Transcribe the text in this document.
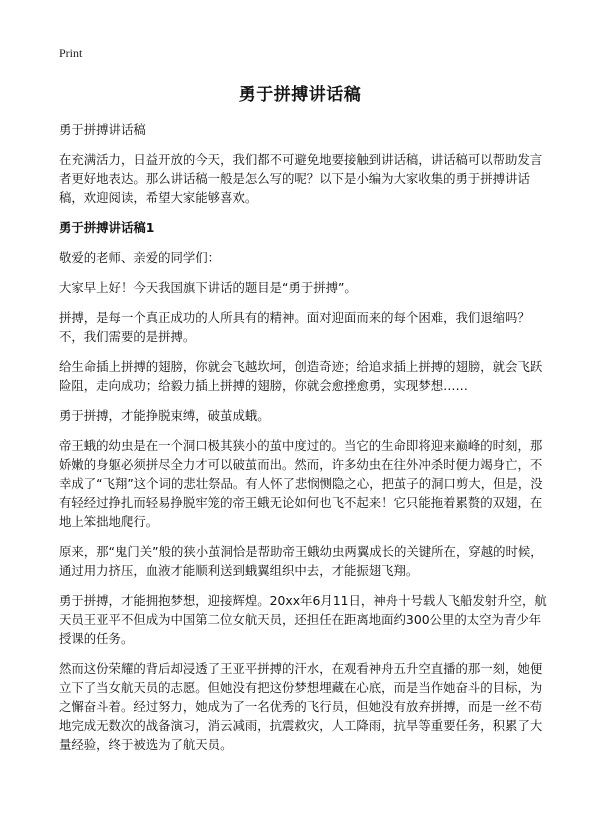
Print
勇于拼搏讲话稿

勇于拼搏讲话稿

在充满活力，日益开放的今天，我们都不可避免地要接触到讲话稿，讲话稿可以帮助发言者更好地表达。那么讲话稿一般是怎么写的呢？以下是小编为大家收集的勇于拼搏讲话稿，欢迎阅读，希望大家能够喜欢。

勇于拼搏讲话稿1

敬爱的老师、亲爱的同学们：

大家早上好！今天我国旗下讲话的题目是“勇于拼搏”。

拼搏，是每一个真正成功的人所具有的精神。面对迎面而来的每个困难，我们退缩吗？不，我们需要的是拼搏。

给生命插上拼搏的翅膀，你就会飞越坎坷，创造奇迹；给追求插上拼搏的翅膀，就会飞跃险阻，走向成功；给毅力插上拼搏的翅膀，你就会愈挫愈勇，实现梦想……

勇于拼搏，才能挣脱束缚，破茧成蛾。

帝王蛾的幼虫是在一个洞口极其狭小的茧中度过的。当它的生命即将迎来巅峰的时刻，那娇嫩的身躯必须拼尽全力才可以破茧而出。然而，许多幼虫在往外冲杀时便力竭身亡，不幸成了“飞翔”这个词的悲壮祭品。有人怀了悲悯恻隐之心，把茧子的洞口剪大，但是，没有轻经过挣扎而轻易挣脱牢笼的帝王蛾无论如何也飞不起来！它只能拖着累赘的双翅，在地上笨拙地爬行。

原来，那“鬼门关”般的狭小茧洞恰是帮助帝王蛾幼虫两翼成长的关键所在，穿越的时候，通过用力挤压，血液才能顺利送到蛾翼组织中去，才能振翅飞翔。

勇于拼搏，才能拥抱梦想，迎接辉煌。20xx年6月11日，神舟十号载人飞船发射升空，航天员王亚平不但成为中国第二位女航天员，还担任在距离地面约300公里的太空为青少年授课的任务。

然而这份荣耀的背后却浸透了王亚平拼搏的汗水，在观看神舟五升空直播的那一刻，她便立下了当女航天员的志愿。但她没有把这份梦想埋藏在心底，而是当作她奋斗的目标，为之懈奋斗着。经过努力，她成为了一名优秀的飞行员，但她没有放弃拼搏，而是一丝不苟地完成无数次的战备演习，消云减雨，抗震救灾，人工降雨，抗旱等重要任务，积累了大量经验，终于被选为了航天员。
